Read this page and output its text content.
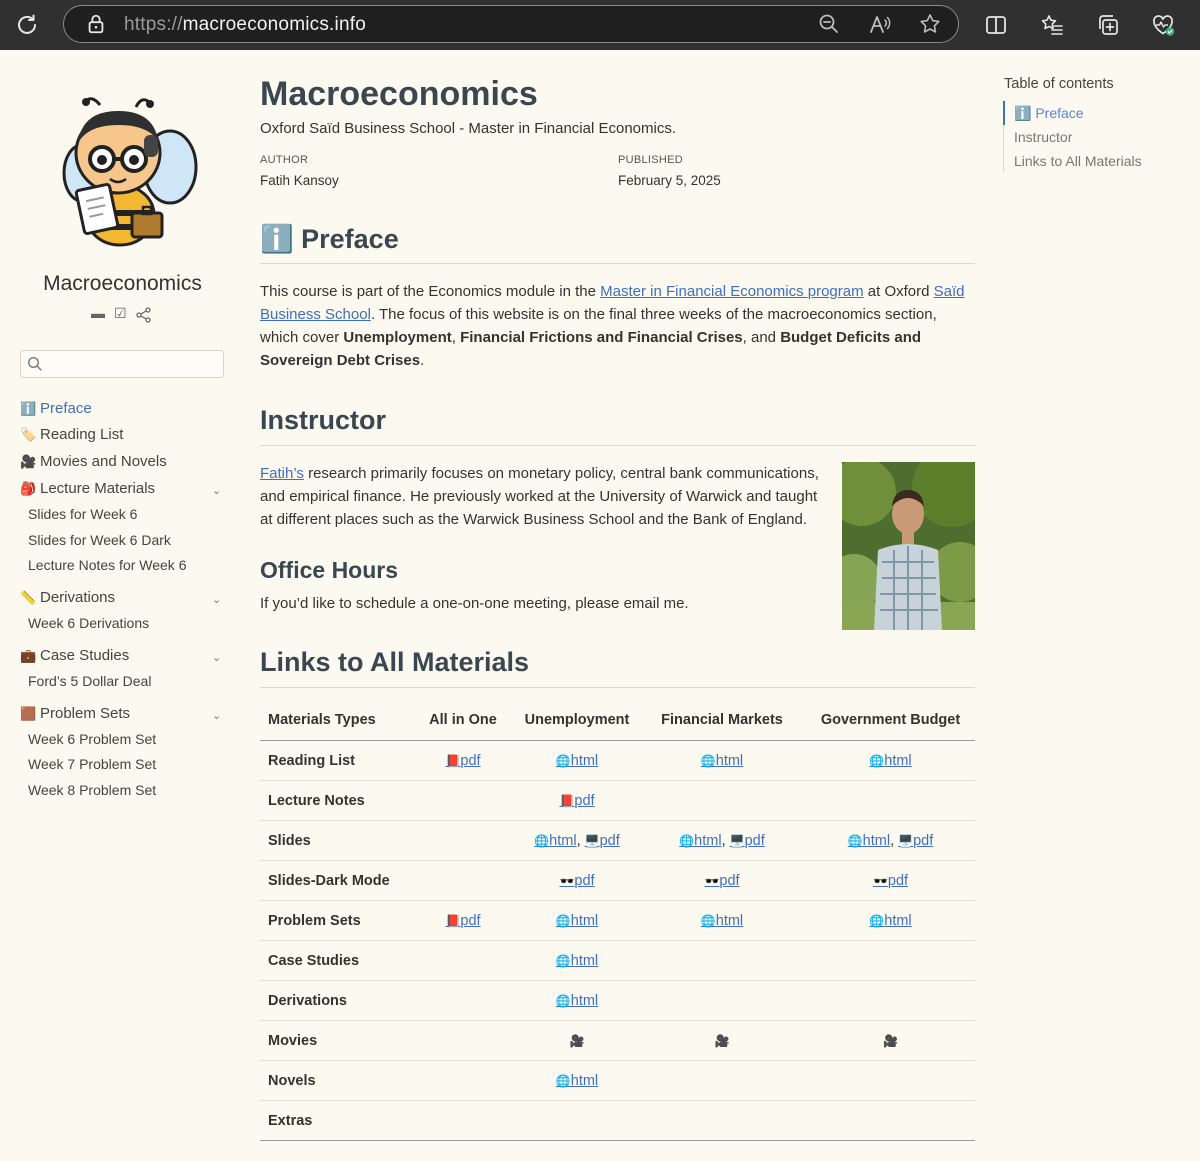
https://macroeconomics.info
Macroeconomics
▬ ☑
ℹ️ Preface
🏷️ Reading List
🎥 Movies and Novels
🎒 Lecture Materials	⌄
Slides for Week 6
Slides for Week 6 Dark
Lecture Notes for Week 6
📏 Derivations	⌄
Week 6 Derivations
💼 Case Studies	⌄
Ford’s 5 Dollar Deal
🟫 Problem Sets	⌄
Week 6 Problem Set
Week 7 Problem Set
Week 8 Problem Set
Macroeconomics
Oxford Saïd Business School - Master in Financial Economics.
AUTHOR
Fatih Kansoy
PUBLISHED
February 5, 2025
ℹ️ Preface
This course is part of the Economics module in the Master in Financial Economics program at Oxford Saïd Business School. The focus of this website is on the final three weeks of the macroeconomics section, which cover Unemployment, Financial Frictions and Financial Crises, and Budget Deficits and Sovereign Debt Crises.
Instructor
Fatih’s research primarily focuses on monetary policy, central bank communications, and empirical finance. He previously worked at the University of Warwick and taught at different places such as the Warwick Business School and the Bank of England.
Office Hours
If you’d like to schedule a one-on-one meeting, please email me.
Links to All Materials
Materials Types	All in One	Unemployment	Financial Markets	Government Budget
Reading List	📕pdf	🌐html	🌐html	🌐html
Lecture Notes		📕pdf		
Slides		🌐html, 🖥️pdf	🌐html, 🖥️pdf	🌐html, 🖥️pdf
Slides-Dark Mode		🕶️pdf	🕶️pdf	🕶️pdf
Problem Sets	📕pdf	🌐html	🌐html	🌐html
Case Studies		🌐html		
Derivations		🌐html		
Movies		🎥	🎥	🎥
Novels		🌐html		
Extras				
Table of contents
ℹ️ Preface
Instructor
Links to All Materials
